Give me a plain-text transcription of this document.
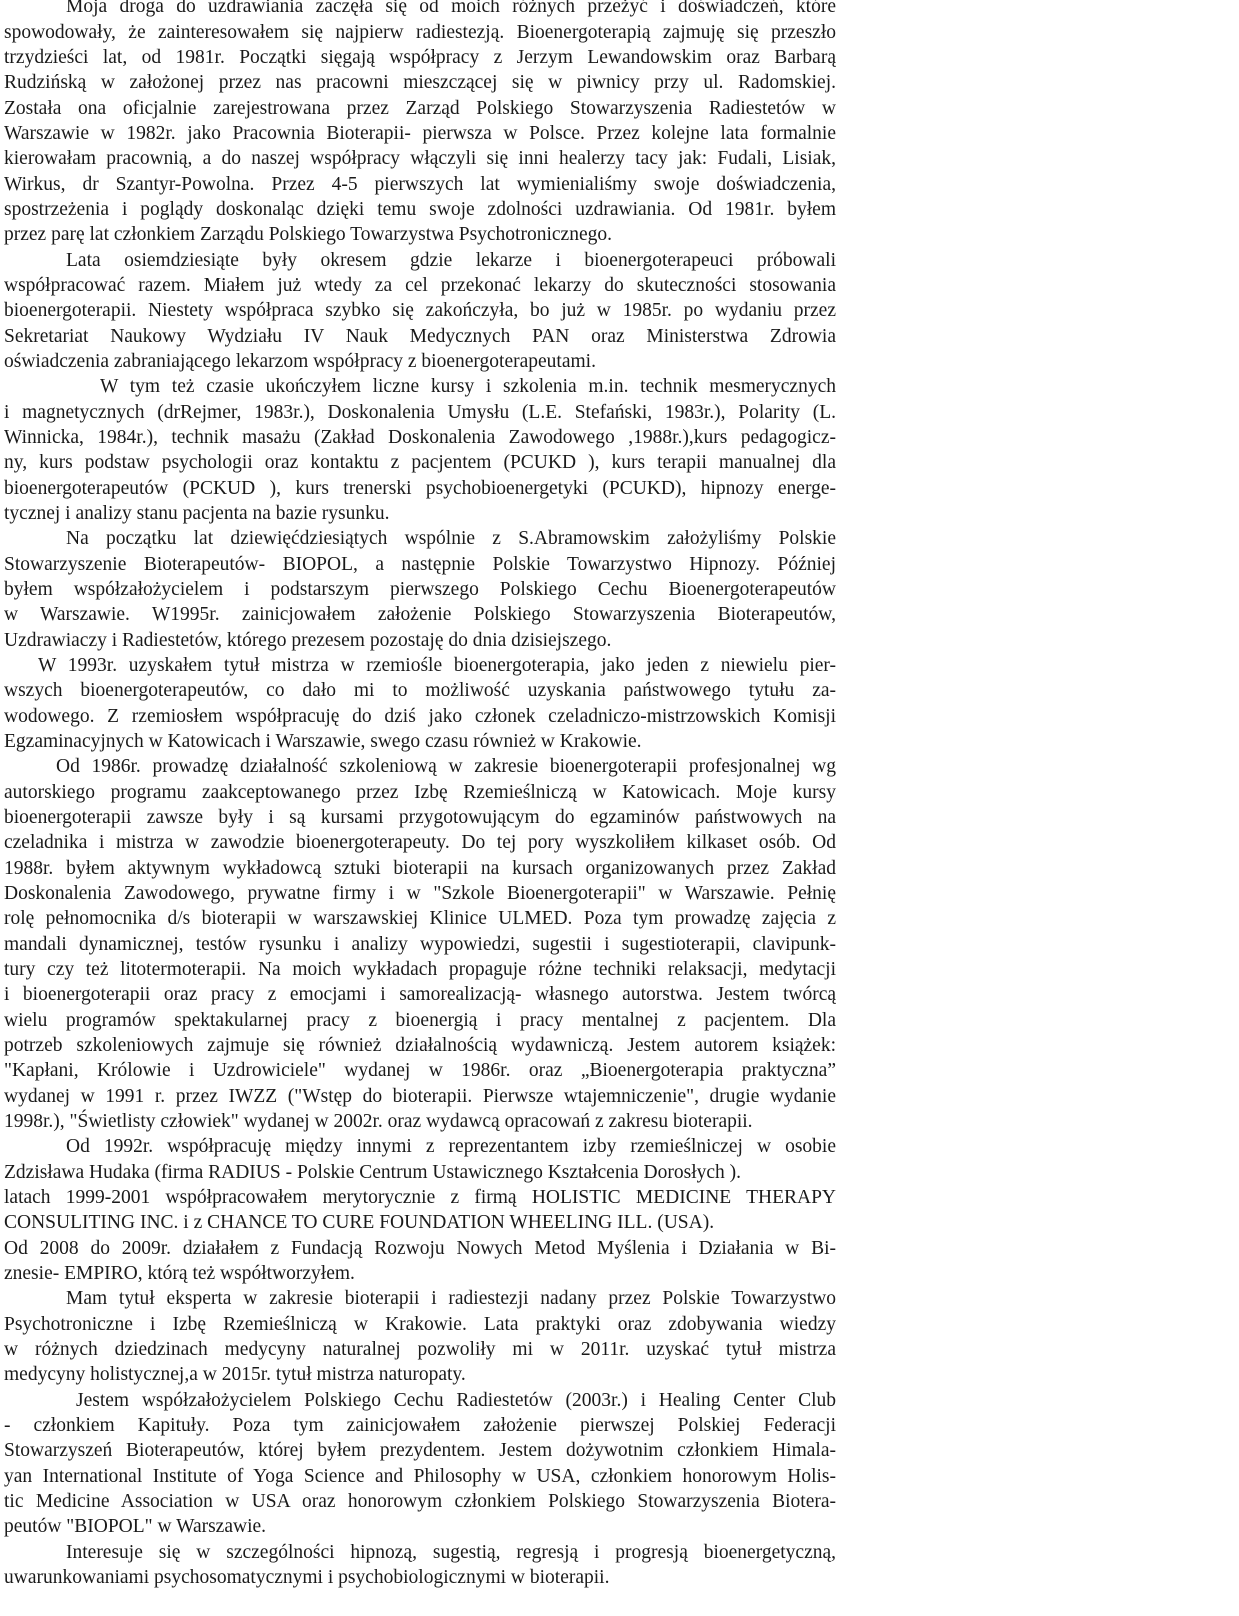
Moja droga do uzdrawiania zaczęła się od moich różnych przeżyć i doświadczeń, które
spowodowały, że zainteresowałem się najpierw radiestezją. Bioenergoterapią zajmuję się przeszło
trzydzieści lat, od 1981r. Początki sięgają współpracy z Jerzym Lewandowskim oraz Barbarą
Rudzińską w założonej przez nas pracowni mieszczącej się w piwnicy przy ul. Radomskiej.
Została ona oficjalnie zarejestrowana przez Zarząd Polskiego Stowarzyszenia Radiestetów w
Warszawie w 1982r. jako Pracownia Bioterapii- pierwsza w Polsce. Przez kolejne lata formalnie
kierowałam pracownią, a do naszej współpracy włączyli się inni healerzy tacy jak: Fudali, Lisiak,
Wirkus, dr Szantyr-Powolna. Przez 4-5 pierwszych lat wymienialiśmy swoje doświadczenia,
spostrzeżenia i poglądy doskonaląc dzięki temu swoje zdolności uzdrawiania. Od 1981r. byłem
przez parę lat członkiem Zarządu Polskiego Towarzystwa Psychotronicznego.
Lata osiemdziesiąte były okresem gdzie lekarze i bioenergoterapeuci próbowali
współpracować razem. Miałem już wtedy za cel przekonać lekarzy do skuteczności stosowania
bioenergoterapii. Niestety współpraca szybko się zakończyła, bo już w 1985r. po wydaniu przez
Sekretariat Naukowy Wydziału IV Nauk Medycznych PAN oraz Ministerstwa Zdrowia
oświadczenia zabraniającego lekarzom współpracy z bioenergoterapeutami.
W tym też czasie ukończyłem liczne kursy i szkolenia m.in. technik mesmerycznych
i magnetycznych (drRejmer, 1983r.), Doskonalenia Umysłu (L.E. Stefański, 1983r.), Polarity (L.
Winnicka, 1984r.), technik masażu (Zakład Doskonalenia Zawodowego ,1988r.),kurs pedagogicz-
ny, kurs podstaw psychologii oraz kontaktu z pacjentem (PCUKD ), kurs terapii manualnej dla
bioenergoterapeutów (PCKUD ), kurs trenerski psychobioenergetyki (PCUKD), hipnozy energe-
tycznej i analizy stanu pacjenta na bazie rysunku.
Na początku lat dziewięćdziesiątych wspólnie z S.Abramowskim założyliśmy Polskie
Stowarzyszenie Bioterapeutów- BIOPOL, a następnie Polskie Towarzystwo Hipnozy. Później
byłem współzałożycielem i podstarszym pierwszego Polskiego Cechu Bioenergoterapeutów
w Warszawie. W1995r. zainicjowałem założenie Polskiego Stowarzyszenia Bioterapeutów,
Uzdrawiaczy i Radiestetów, którego prezesem pozostaję do dnia dzisiejszego.
W 1993r. uzyskałem tytuł mistrza w rzemiośle bioenergoterapia, jako jeden z niewielu pier-
wszych bioenergoterapeutów, co dało mi to możliwość uzyskania państwowego tytułu za-
wodowego. Z rzemiosłem współpracuję do dziś jako członek czeladniczo-mistrzowskich Komisji
Egzaminacyjnych w Katowicach i Warszawie, swego czasu również w Krakowie.
Od 1986r. prowadzę działalność szkoleniową w zakresie bioenergoterapii profesjonalnej wg
autorskiego programu zaakceptowanego przez Izbę Rzemieślniczą w Katowicach. Moje kursy
bioenergoterapii zawsze były i są kursami przygotowującym do egzaminów państwowych na
czeladnika i mistrza w zawodzie bioenergoterapeuty. Do tej pory wyszkoliłem kilkaset osób. Od
1988r. byłem aktywnym wykładowcą sztuki bioterapii na kursach organizowanych przez Zakład
Doskonalenia Zawodowego, prywatne firmy i w "Szkole Bioenergoterapii" w Warszawie. Pełnię
rolę pełnomocnika d/s bioterapii w warszawskiej Klinice ULMED. Poza tym prowadzę zajęcia z
mandali dynamicznej, testów rysunku i analizy wypowiedzi, sugestii i sugestioterapii, clavipunk-
tury czy też litotermoterapii. Na moich wykładach propaguje różne techniki relaksacji, medytacji
i bioenergoterapii oraz pracy z emocjami i samorealizacją- własnego autorstwa. Jestem twórcą
wielu programów spektakularnej pracy z bioenergią i pracy mentalnej z pacjentem. Dla
potrzeb szkoleniowych zajmuje się również działalnością wydawniczą. Jestem autorem książek:
"Kapłani, Królowie i Uzdrowiciele" wydanej w 1986r. oraz „Bioenergoterapia praktyczna”
wydanej w 1991 r. przez IWZZ ("Wstęp do bioterapii. Pierwsze wtajemniczenie", drugie wydanie
1998r.), "Świetlisty człowiek" wydanej w 2002r. oraz wydawcą opracowań z zakresu bioterapii.
Od 1992r. współpracuję między innymi z reprezentantem izby rzemieślniczej w osobie
Zdzisława Hudaka (firma RADIUS - Polskie Centrum Ustawicznego Kształcenia Dorosłych ).
latach 1999-2001 współpracowałem merytorycznie z firmą HOLISTIC MEDICINE THERAPY
CONSULITING INC. i z CHANCE TO CURE FOUNDATION WHEELING ILL. (USA).
Od 2008 do 2009r. działałem z Fundacją Rozwoju Nowych Metod Myślenia i Działania w Bi-
znesie- EMPIRO, którą też współtworzyłem.
Mam tytuł eksperta w zakresie bioterapii i radiestezji nadany przez Polskie Towarzystwo
Psychotroniczne i Izbę Rzemieślniczą w Krakowie. Lata praktyki oraz zdobywania wiedzy
w różnych dziedzinach medycyny naturalnej pozwoliły mi w 2011r. uzyskać tytuł mistrza
medycyny holistycznej,a w 2015r. tytuł mistrza naturopaty.
Jestem współzałożycielem Polskiego Cechu Radiestetów (2003r.) i Healing Center Club
- członkiem Kapituły. Poza tym zainicjowałem założenie pierwszej Polskiej Federacji
Stowarzyszeń Bioterapeutów, której byłem prezydentem. Jestem dożywotnim członkiem Himala-
yan International Institute of Yoga Science and Philosophy w USA, członkiem honorowym Holis-
tic Medicine Association w USA oraz honorowym członkiem Polskiego Stowarzyszenia Biotera-
peutów "BIOPOL" w Warszawie.
Interesuje się w szczególności hipnozą, sugestią, regresją i progresją bioenergetyczną,
uwarunkowaniami psychosomatycznymi i psychobiologicznymi w bioterapii.
